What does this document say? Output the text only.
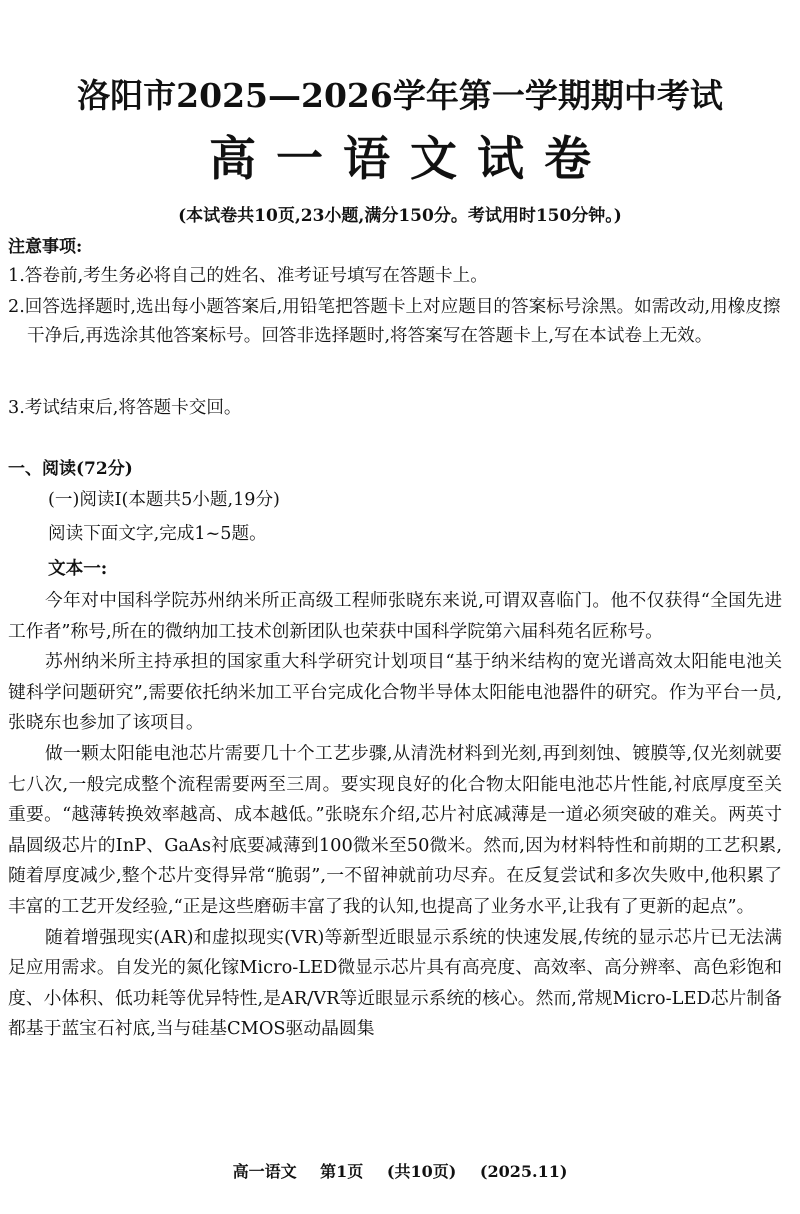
洛阳市2025—2026学年第一学期期中考试
高一语文试卷
(本试卷共10页,23小题,满分150分。考试用时150分钟。)
注意事项:
1.答卷前,考生务必将自己的姓名、准考证号填写在答题卡上。
2.回答选择题时,选出每小题答案后,用铅笔把答题卡上对应题目的答案标号涂黑。如需改动,用橡皮擦干净后,再选涂其他答案标号。回答非选择题时,将答案写在答题卡上,写在本试卷上无效。
3.考试结束后,将答题卡交回。
一、阅读(72分)
(一)阅读Ⅰ(本题共5小题,19分)
阅读下面文字,完成1~5题。
文本一:

今年对中国科学院苏州纳米所正高级工程师张晓东来说,可谓双喜临门。他不仅获得“全国先进工作者”称号,所在的微纳加工技术创新团队也荣获中国科学院第六届科苑名匠称号。

苏州纳米所主持承担的国家重大科学研究计划项目“基于纳米结构的宽光谱高效太阳能电池关键科学问题研究”,需要依托纳米加工平台完成化合物半导体太阳能电池器件的研究。作为平台一员,张晓东也参加了该项目。

做一颗太阳能电池芯片需要几十个工艺步骤,从清洗材料到光刻,再到刻蚀、镀膜等,仅光刻就要七八次,一般完成整个流程需要两至三周。要实现良好的化合物太阳能电池芯片性能,衬底厚度至关重要。“越薄转换效率越高、成本越低。”张晓东介绍,芯片衬底减薄是一道必须突破的难关。两英寸晶圆级芯片的InP、GaAs衬底要减薄到100微米至50微米。然而,因为材料特性和前期的工艺积累,随着厚度减少,整个芯片变得异常“脆弱”,一不留神就前功尽弃。在反复尝试和多次失败中,他积累了丰富的工艺开发经验,“正是这些磨砺丰富了我的认知,也提高了业务水平,让我有了更新的起点”。

随着增强现实(AR)和虚拟现实(VR)等新型近眼显示系统的快速发展,传统的显示芯片已无法满足应用需求。自发光的氮化镓Micro-LED微显示芯片具有高亮度、高效率、高分辨率、高色彩饱和度、小体积、低功耗等优异特性,是AR/VR等近眼显示系统的核心。然而,常规Micro-LED芯片制备都基于蓝宝石衬底,当与硅基CMOS驱动晶圆集

高一语文 第1页 (共10页) (2025.11)
